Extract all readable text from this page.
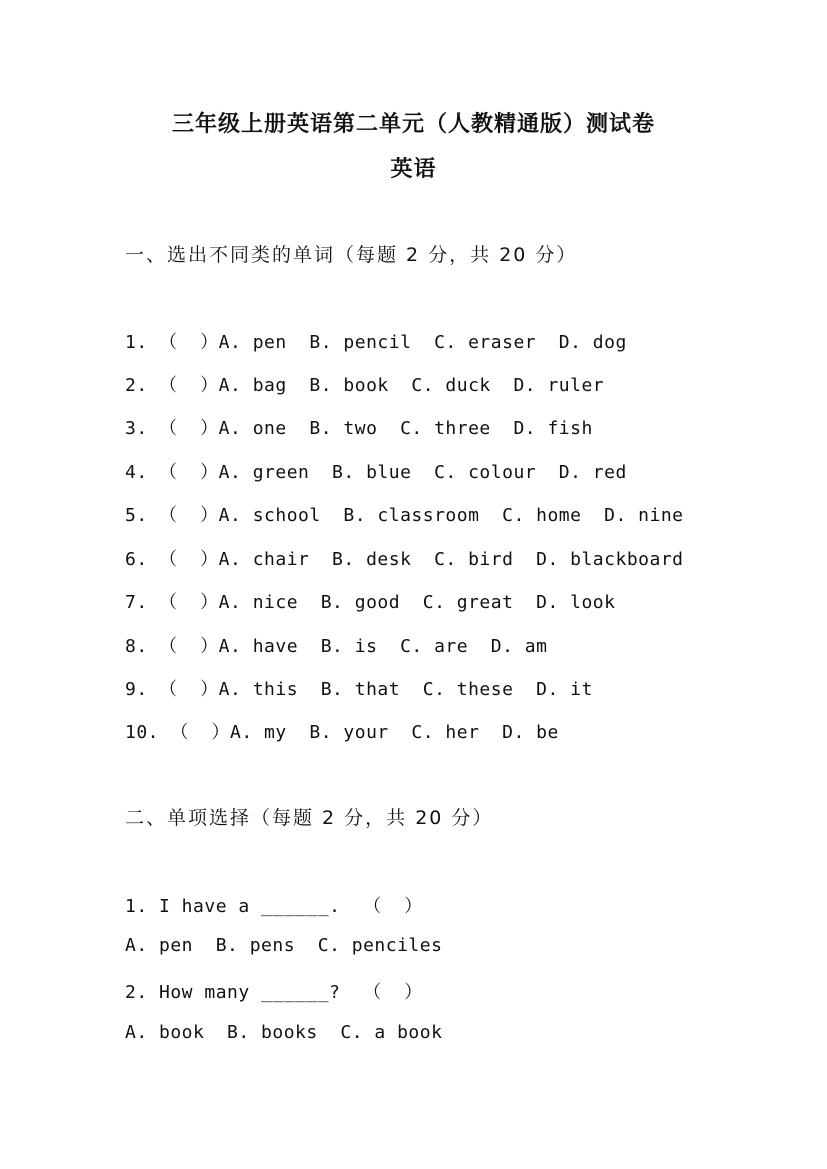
三年级上册英语第二单元（人教精通版）测试卷
英语
一、选出不同类的单词（每题 2 分，共 20 分）
1. （  ）A. pen  B. pencil  C. eraser  D. dog
2. （  ）A. bag  B. book  C. duck  D. ruler
3. （  ）A. one  B. two  C. three  D. fish
4. （  ）A. green  B. blue  C. colour  D. red
5. （  ）A. school  B. classroom  C. home  D. nine
6. （  ）A. chair  B. desk  C. bird  D. blackboard
7. （  ）A. nice  B. good  C. great  D. look
8. （  ）A. have  B. is  C. are  D. am
9. （  ）A. this  B. that  C. these  D. it
10. （  ）A. my  B. your  C. her  D. be
二、单项选择（每题 2 分，共 20 分）
1. I have a ______.  （  ）
A. pen  B. pens  C. penciles
2. How many ______?  （  ）
A. book  B. books  C. a book
